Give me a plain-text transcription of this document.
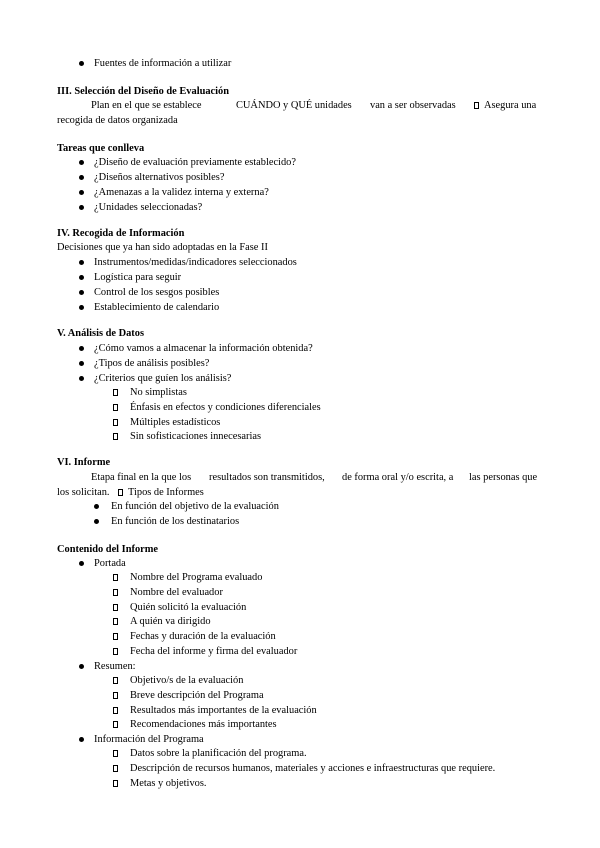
Fuentes de información a utilizar
III. Selección del Diseño de Evaluación
Plan en el que se establece	CUÁNDO y QUÉ unidades van a ser observadas	Asegura una
recogida de datos organizada
Tareas que conlleva
¿Diseño de evaluación previamente establecido?
¿Diseños alternativos posibles?
¿Amenazas a la validez interna y externa?
¿Unidades seleccionadas?
IV. Recogida de Información
Decisiones que ya han sido adoptadas en la Fase II
Instrumentos/medidas/indicadores seleccionados
Logística para seguir
Control de los sesgos posibles
Establecimiento de calendario
V. Análisis de Datos
¿Cómo vamos a almacenar la información obtenida?
¿Tipos de análisis posibles?
¿Criterios que guíen los análisis?
No simplistas
Énfasis en efectos y condiciones diferenciales
Múltiples estadísticos
Sin sofisticaciones innecesarias
VI. Informe
Etapa final en la que los resultados son transmitidos, de forma oral y/o escrita, a las personas que
los solicitan. Tipos de Informes
En función del objetivo de la evaluación
En función de los destinatarios
Contenido del Informe
Portada
Nombre del Programa evaluado
Nombre del evaluador
Quién solicitó la evaluación
A quién va dirigido
Fechas y duración de la evaluación
Fecha del informe y firma del evaluador
Resumen:
Objetivo/s de la evaluación
Breve descripción del Programa
Resultados más importantes de la evaluación
Recomendaciones más importantes
Información del Programa
Datos sobre la planificación del programa.
Descripción de recursos humanos, materiales y acciones e infraestructuras que requiere.
Metas y objetivos.
